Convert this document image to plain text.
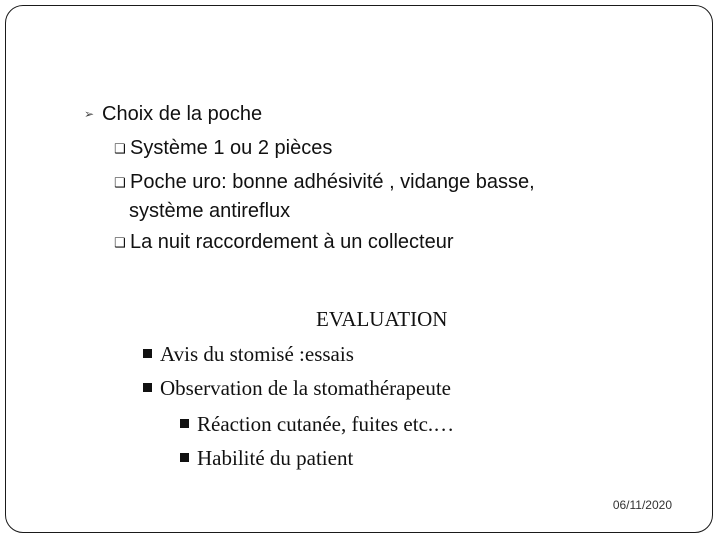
➢ Choix de la poche
❑ Système 1 ou 2 pièces
❑ Poche uro: bonne adhésivité , vidange basse,
système antireflux
❑ La nuit raccordement à un collecteur
EVALUATION
Avis du stomisé :essais
Observation de la stomathérapeute
Réaction cutanée, fuites etc.…
Habilité du patient
06/11/2020
